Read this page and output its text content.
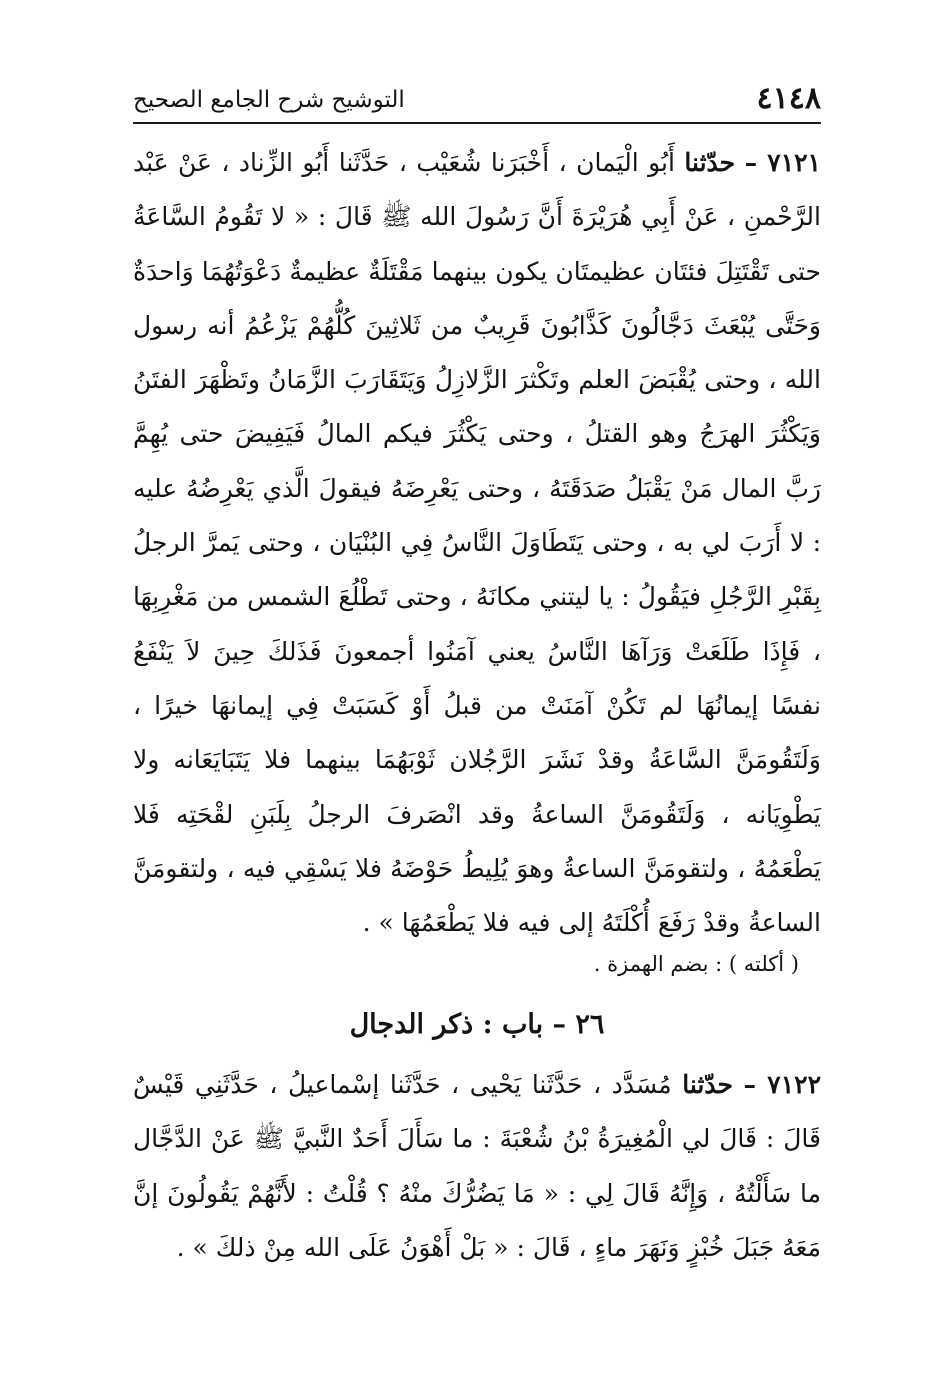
٤١٤٨
التوشيح شرح الجامع الصحيح

٧١٢١ – حدّثنا أَبُو الْيَمان ، أَخْبَرَنا شُعَيْب ، حَدَّثَنا أَبُو الزِّناد ، عَنْ عَبْد الرَّحْمنِ ، عَنْ أَبِي هُرَيْرَةَ أَنَّ رَسُولَ الله ﷺ قَالَ : « لا تَقُومُ السَّاعَةُ حتى تَقْتَتِلَ فئتَان عظيمتَان يكون بينهما مَقْتَلَةٌ عظيمةٌ دَعْوَتُهُمَا وَاحدَةٌ وَحَتَّى يُبْعَثَ دَجَّالُونَ كَذَّابُونَ قَرِيبٌ من ثَلاثِينَ كُلُّهُمْ يَزْعُمُ أنه رسول الله ، وحتى يُقْبَضَ العلم وتَكْثرَ الزَّلازِلُ وَيَتَقَارَبَ الزَّمَانُ وتَظْهَرَ الفتَنُ وَيَكْثُرَ الهرَجُ وهو القتلُ ، وحتى يَكْثُرَ فيكم المالُ فَيَفِيضَ حتى يُهِمَّ رَبَّ المال مَنْ يَقْبَلُ صَدَقَتَهُ ، وحتى يَعْرِضَهُ فيقولَ الَّذي يَعْرِضُهُ عليه : لا أَرَبَ لي به ، وحتى يَتَطَاوَلَ النَّاسُ فِي البُنْيَان ، وحتى يَمرَّ الرجلُ بِقَبْرِ الرَّجُلِ فيَقُولُ : يا ليتني مكانَهُ ، وحتى تَطْلُعَ الشمس من مَغْرِبِهَا ، فَإِذَا طَلَعَتْ وَرَآهَا النَّاسُ يعني آمَنُوا أجمعونَ فَذَلكَ حِينَ لاَ يَنْفَعُ نفسًا إيمانُهَا لم تَكُنْ آمَنَتْ من قبلُ أَوْ كَسَبَتْ فِي إيمانهَا خيرًا ، وَلَتَقُومَنَّ السَّاعَةُ وقدْ نَشَرَ الرَّجُلان ثَوْبَهُمَا بينهما فلا يَتَبَايَعَانه ولا يَطْوِيَانه ، وَلَتَقُومَنَّ الساعةُ وقد انْصَرفَ الرجلُ بِلَبَنِ لقْحَتِه فَلا يَطْعَمُهُ ، ولتقومَنَّ الساعةُ وهوَ يُلِيطُ حَوْضَهُ فلا يَسْقِي فيه ، ولتقومَنَّ الساعةُ وقدْ رَفَعَ أُكْلَتَهُ إلى فيه فلا يَطْعَمُهَا » .

( أكلته ) : بضم الهمزة .

٢٦ – باب : ذكر الدجال

٧١٢٢ – حدّثنا مُسَدَّد ، حَدَّثَنا يَحْيى ، حَدَّثَنا إسْماعيلُ ، حَدَّثَنِي قَيْسٌ قَالَ : قَالَ لي الْمُغِيرَةُ بْنُ شُعْبَةَ : ما سَأَلَ أَحَدٌ النَّبيَّ ﷺ عَنْ الدَّجَّال ما سَأَلْتُهُ ، وَإِنَّهُ قَالَ لِي : « مَا يَضُرُّكَ منْهُ ؟ قُلْتُ : لأَنَّهُمْ يَقُولُونَ إنَّ مَعَهُ جَبَلَ خُبْزٍ وَنَهَرَ ماءٍ ، قَالَ : « بَلْ أَهْوَنُ عَلَى الله مِنْ ذلكَ » .
